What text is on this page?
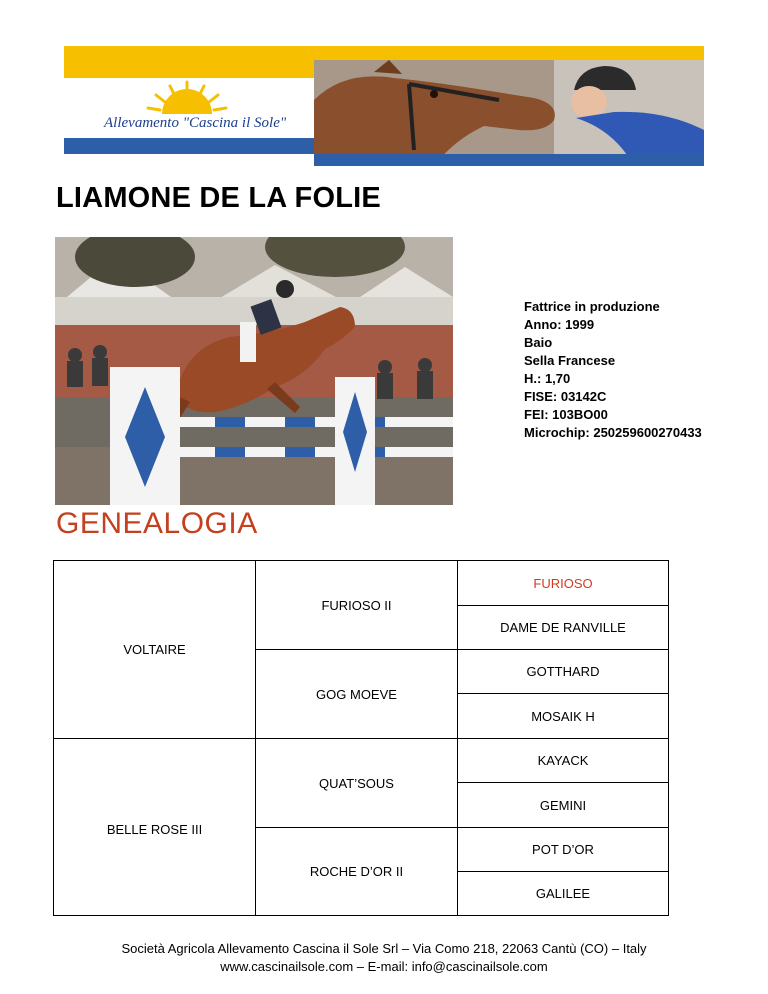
Allevamento "Cascina il Sole"
LIAMONE DE LA FOLIE
Fattrice in produzione
Anno: 1999
Baio
Sella Francese
H.: 1,70
FISE: 03142C
FEI: 103BO00
Microchip: 250259600270433
GENEALOGIA
VOLTAIRE
BELLE ROSE III
FURIOSO II
GOG MOEVE
QUAT’SOUS
ROCHE D’OR II
FURIOSO
DAME DE RANVILLE
GOTTHARD
MOSAIK H
KAYACK
GEMINI
POT D’OR
GALILEE
Società Agricola Allevamento Cascina il Sole Srl – Via Como 218, 22063 Cantù (CO) – Italy
www.cascinailsole.com – E-mail: info@cascinailsole.com
